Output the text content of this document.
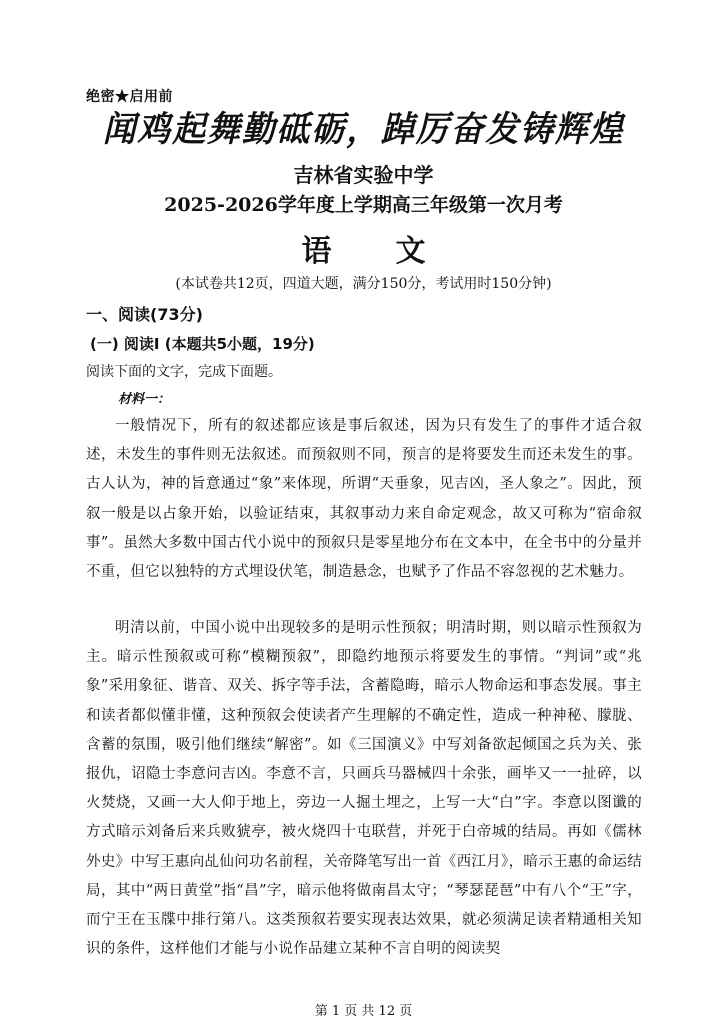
绝密★启用前
闻鸡起舞勤砥砺，踔厉奋发铸辉煌
吉林省实验中学
2025-2026学年度上学期高三年级第一次月考
语 文
(本试卷共12页，四道大题，满分150分，考试用时150分钟)
一、阅读(73分)
(一) 阅读Ⅰ (本题共5小题，19分)
阅读下面的文字，完成下面题。
材料一：

一般情况下，所有的叙述都应该是事后叙述，因为只有发生了的事件才适合叙述，未发生的事件则无法叙述。而预叙则不同，预言的是将要发生而还未发生的事。古人认为，神的旨意通过“象”来体现，所谓“天垂象，见吉凶，圣人象之”。因此，预叙一般是以占象开始，以验证结束，其叙事动力来自命定观念，故又可称为“宿命叙事”。虽然大多数中国古代小说中的预叙只是零星地分布在文本中，在全书中的分量并不重，但它以独特的方式埋设伏笔，制造悬念，也赋予了作品不容忽视的艺术魅力。

明清以前，中国小说中出现较多的是明示性预叙；明清时期，则以暗示性预叙为主。暗示性预叙或可称“模糊预叙”，即隐约地预示将要发生的事情。“判词”或“兆象”采用象征、谐音、双关、拆字等手法，含蓄隐晦，暗示人物命运和事态发展。事主和读者都似懂非懂，这种预叙会使读者产生理解的不确定性，造成一种神秘、朦胧、含蓄的氛围，吸引他们继续“解密”。如《三国演义》中写刘备欲起倾国之兵为关、张报仇，诏隐士李意问吉凶。李意不言，只画兵马器械四十余张，画毕又一一扯碎，以火焚烧，又画一大人仰于地上，旁边一人掘土埋之，上写一大“白”字。李意以图谶的方式暗示刘备后来兵败猇亭，被火烧四十屯联营，并死于白帝城的结局。再如《儒林外史》中写王惠向乩仙问功名前程，关帝降笔写出一首《西江月》，暗示王惠的命运结局，其中“两日黄堂”指“昌”字，暗示他将做南昌太守；“琴瑟琵琶”中有八个“王”字，而宁王在玉牒中排行第八。这类预叙若要实现表达效果，就必须满足读者精通相关知识的条件，这样他们才能与小说作品建立某种不言自明的阅读契

第 1 页 共 12 页
